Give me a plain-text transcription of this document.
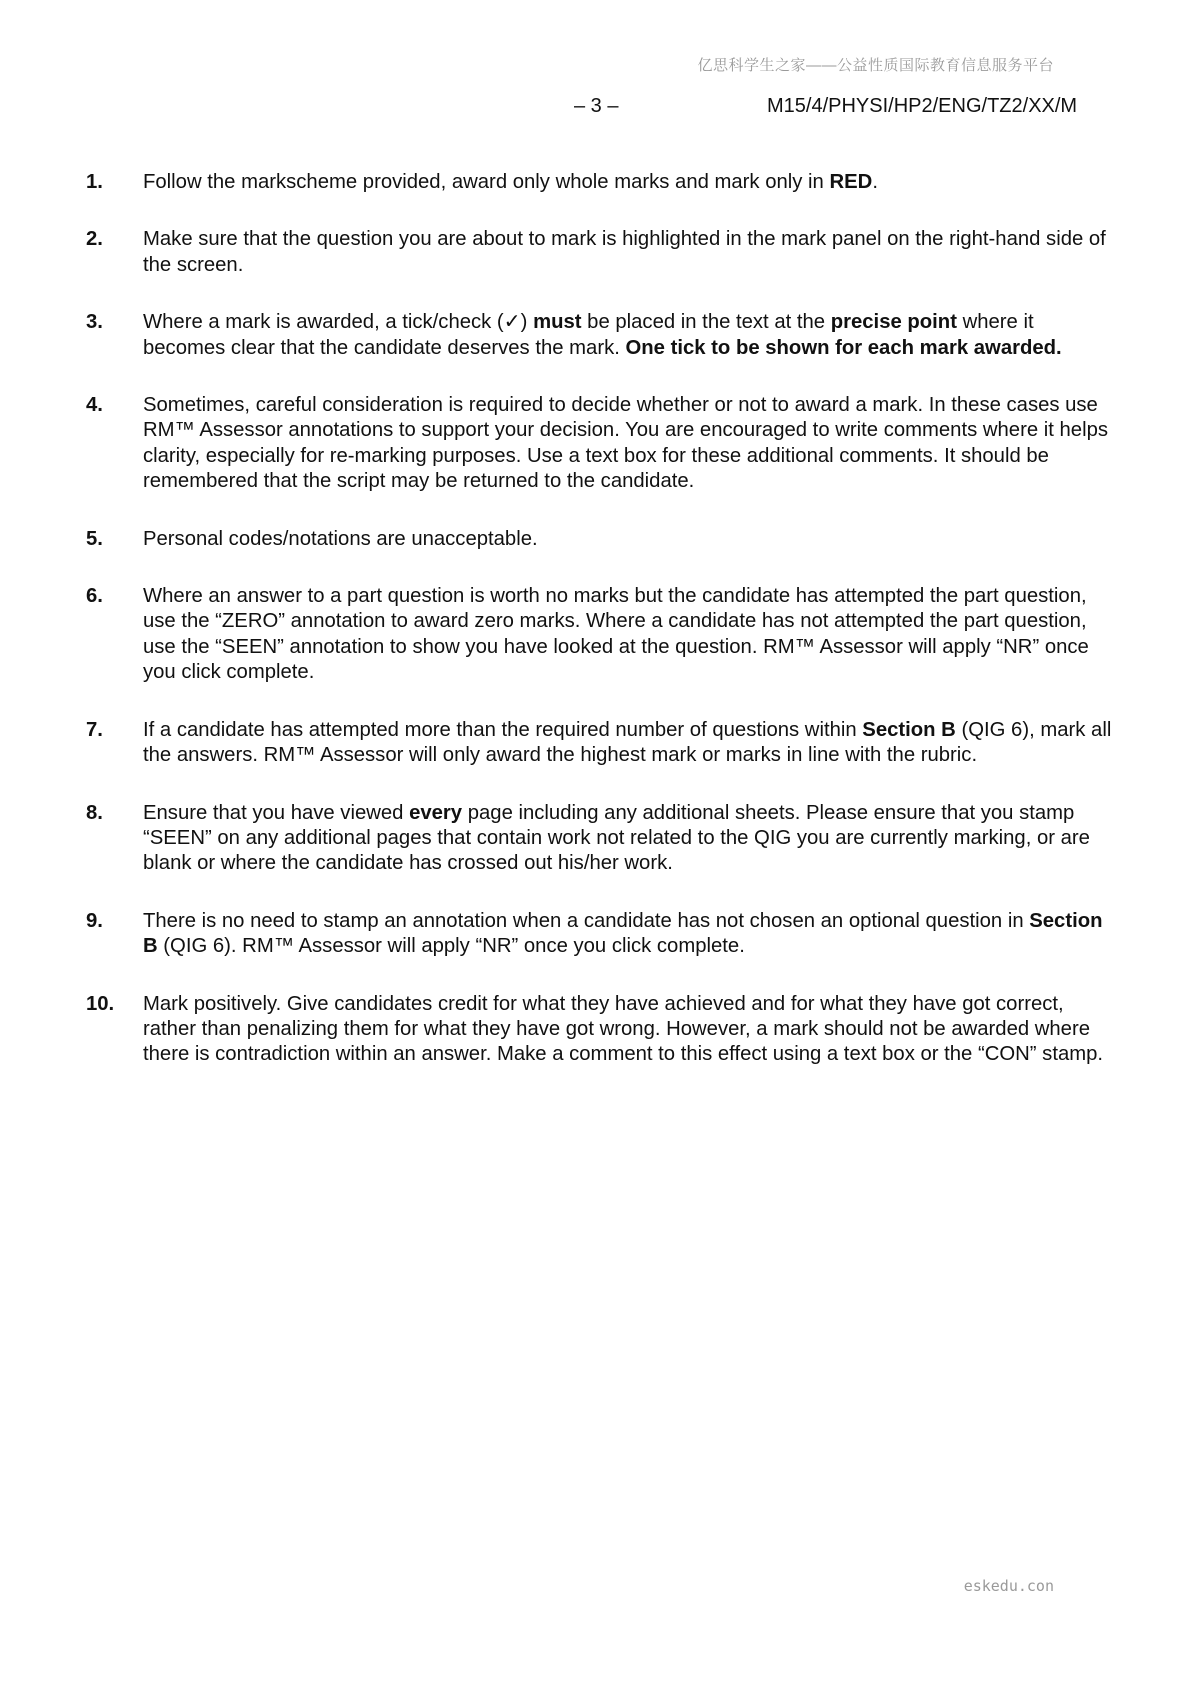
亿思科学生之家——公益性质国际教育信息服务平台
– 3 –	M15/4/PHYSI/HP2/ENG/TZ2/XX/M
1.	Follow the markscheme provided, award only whole marks and mark only in RED.
2.	Make sure that the question you are about to mark is highlighted in the mark panel on the right-hand side of the screen.
3.	Where a mark is awarded, a tick/check (✓) must be placed in the text at the precise point where it becomes clear that the candidate deserves the mark. One tick to be shown for each mark awarded.
4.	Sometimes, careful consideration is required to decide whether or not to award a mark. In these cases use RM™ Assessor annotations to support your decision. You are encouraged to write comments where it helps clarity, especially for re-marking purposes. Use a text box for these additional comments. It should be remembered that the script may be returned to the candidate.
5.	Personal codes/notations are unacceptable.
6.	Where an answer to a part question is worth no marks but the candidate has attempted the part question, use the “ZERO” annotation to award zero marks. Where a candidate has not attempted the part question, use the “SEEN” annotation to show you have looked at the question. RM™ Assessor will apply “NR” once you click complete.
7.	If a candidate has attempted more than the required number of questions within Section B (QIG 6), mark all the answers. RM™ Assessor will only award the highest mark or marks in line with the rubric.
8.	Ensure that you have viewed every page including any additional sheets. Please ensure that you stamp “SEEN” on any additional pages that contain work not related to the QIG you are currently marking, or are blank or where the candidate has crossed out his/her work.
9.	There is no need to stamp an annotation when a candidate has not chosen an optional question in Section B (QIG 6). RM™ Assessor will apply “NR” once you click complete.
10.	Mark positively. Give candidates credit for what they have achieved and for what they have got correct, rather than penalizing them for what they have got wrong. However, a mark should not be awarded where there is contradiction within an answer. Make a comment to this effect using a text box or the “CON” stamp.
eskedu.con
